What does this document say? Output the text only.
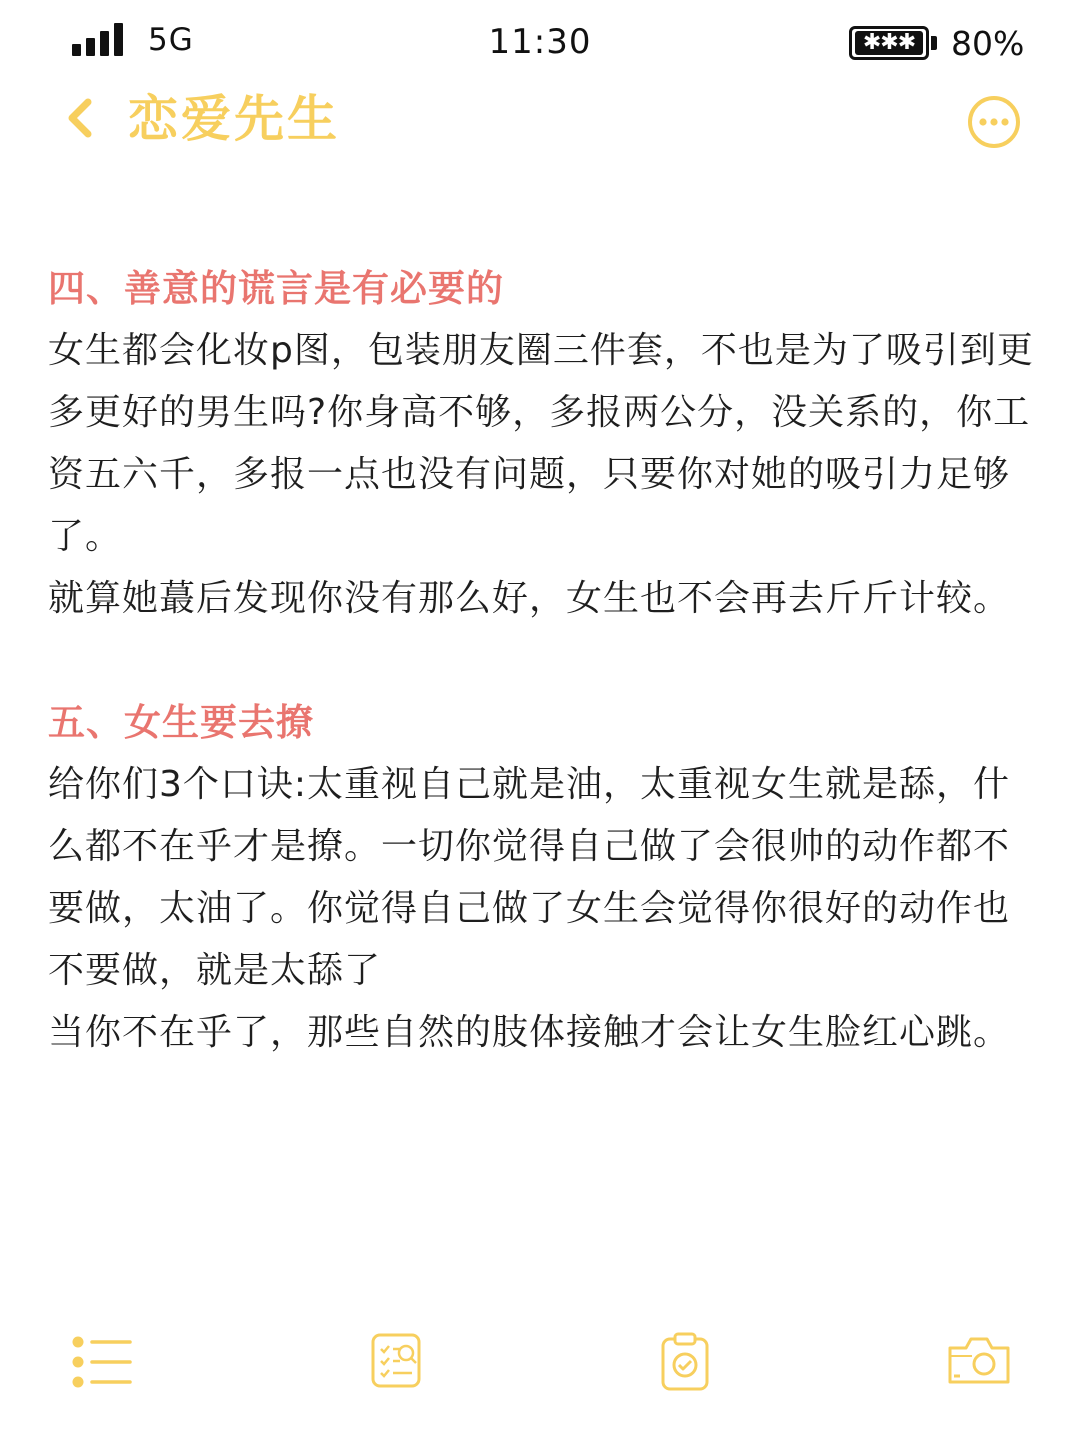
5G	11:30	✱✱✱ 80%
恋爱先生
四、善意的谎言是有必要的
女生都会化妆p图，包装朋友圈三件套，不也是为了吸引到更多更好的男生吗?你身高不够，多报两公分，没关系的，你工资五六千，多报一点也没有问题，只要你对她的吸引力足够了。
就算她蕞后发现你没有那么好，女生也不会再去斤斤计较。
五、女生要去撩
给你们3个口诀:太重视自己就是油，太重视女生就是舔，什么都不在乎才是撩。一切你觉得自己做了会很帅的动作都不要做，太油了。你觉得自己做了女生会觉得你很好的动作也不要做，就是太舔了
当你不在乎了，那些自然的肢体接触才会让女生脸红心跳。
